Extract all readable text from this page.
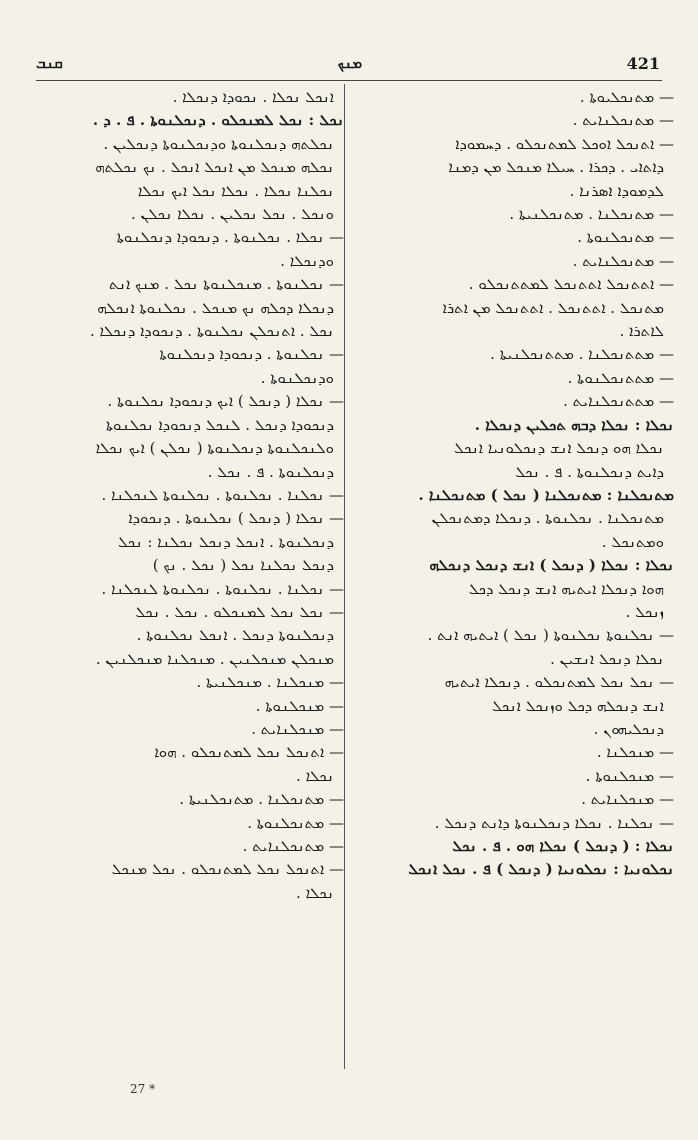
ܩܢܒ	ܡܢܟ	421
— ܡܬܢܟܠܝܘܬܐ .
— ܡܬܢܟܠܢܐܝܬ .
— ܐܬܢܟܠ ܐܘܟܠ ܠܡܬܢܟܠܘ . ܕܚܡܘܕܐ
ܕܐܬܐܝ . ܕܟܪܐ . ܚܝܠܐ ܡܢܟܠ ܡܢ ܕܡܢܐ
ܠܕܡܘܕܐ ܐܣܪܢܐ .
— ܡܬܢܟܠܢܐ . ܡܬܢܟܠܢܝܬܐ .
— ܡܬܢܟܠܢܘܬܐ .
— ܡܬܢܟܠܢܐܝܬ .
— ܐܬܬܢܟܠ ܐܬܬܢܟܠ ܠܡܬܬܢܟܠܘ .
ܡܬܢܟܠ . ܐܬܬܢܟܠ . ܐܬܬܢܟܠ ܡܢ ܐܬܪܐ
ܠܐܬܪܐ .
— ܡܬܬܢܟܠܢܐ . ܡܬܬܢܟܠܢܝܬܐ .
— ܡܬܬܢܟܠܢܘܬܐ .
— ܡܬܬܢܟܠܢܐܝܬ .
ܢܟܠܐ : ܢܟܠܐ ܕܒܗ ܬܟܠܝܢ ܕܢܟܠܐ .
ܢܟܠܐ ܗܘ ܕܢܟܠ ܐܢܫ ܕܢܟܠܘܢܝܐ ܐܢܟܠ
ܕܐܝܬ ܕܢܟܠܢܘܬܐ . ܦ . ܢܟܠ
ܡܬܢܟܠܢܐ : ܡܬܢܟܠܢܐ ( ܢܟܠ ) ܡܬܢܟܠܢܐ .
ܡܬܢܟܠܢܐ . ܢܟܠܢܘܬܐ . ܕܢܟܠܐ ܕܡܬܢܟܠܢ
ܘܡܬܢܟܠ .
ܢܟܠܐ : ܢܟܠܐ ( ܕܢܟܠ ) ܐܢܫ ܕܢܟܠ ܕܢܟܠܗ
ܗܘܐ ܕܢܟܠܐ ܐܝܬܝܗ ܐܢܫ ܕܢܟܠ ܕܟܠ
ܙܢܟܠ .
— ܢܟܠܢܘܬܐ ܢܟܠܢܘܬܐ ( ܢܟܠ ) ܐܝܬܝܗ ܐܢܬ .
ܢܟܠܐ ܕܢܟܠ ܐܢܫܝܢ .
— ܢܟܠ ܢܟܠ ܠܡܬܢܟܠܘ . ܕܢܟܠܐ ܐܝܬܝܗ
ܐܢܫ ܕܢܟܠܗ ܕܟܠ ܘܙܢܟܠ ܐܢܟܠ
ܕܢܟܠܝܗܘܢ .
— ܡܢܟܠܢܐ .
— ܡܢܟܠܢܘܬܐ .
— ܡܢܟܠܢܐܝܬ .
— ܢܟܠܢܐ . ܢܟܠܐ ܕܢܟܠܢܘܬܐ ܕܐܢܬ ܕܢܟܠ .
ܢܟܠܐ : ( ܕܢܟܠ ) ܢܟܠܐ ܗܘ . ܦ . ܢܟܠ
ܢܟܠܘܢܝܐ : ܢܟܠܘܢܝܐ ( ܕܢܟܠ ) ܦ . ܢܟܠ ܐܢܟܠ
ܐܢܟܠ ܢܟܠܐ . ܢܟܘܕܐ ܕܢܟܠܐ .
ܢܟܠ : ܢܟܠ ܠܡܢܟܠܘ . ܕܢܟܠܢܘܬܐ . ܦ . ܕ .
ܢܟܠܬܗ ܕܢܟܠܢܘܬܐ ܘܕܢܟܠܢܘܬܐ ܕܢܟܠܝܢ .
ܢܟܠܗ ܡܢܟܠ ܡܢ ܐܢܟܠ ܐܢܟܠ . ܢܟ ܢܟܠܬܗ
ܢܟܠܢܐ ܢܟܠܐ . ܢܟܠܐ ܢܟܠ ܐܝܟ ܢܟܠܐ
ܘܢܟܠ . ܢܟܠ ܢܟܠܝܢ . ܢܟܠܐ ܢܟܠܢ .
— ܢܟܠܐ . ܢܟܠܢܘܬܐ . ܕܢܟܘܕܐ ܕܢܟܠܢܘܬܐ
ܘܕܢܟܠܐ .
— ܢܟܠܢܘܬܐ . ܡܢܟܠܢܘܬܐ ܢܟܠ . ܡܢܟ ܐܢܬ
ܕܢܟܠܐ ܕܟܠܗ ܢܟ ܡܢܟܠ . ܢܟܠܢܘܬܐ ܐܢܟܠܗ
ܢܟܠ . ܐܬܢܟܠܢ ܢܟܠܢܘܬܐ . ܕܢܟܘܕܐ ܕܢܟܠܐ .
— ܢܟܠܢܘܬܐ . ܕܢܟܘܕܐ ܕܢܟܠܢܘܬܐ
ܘܕܢܟܠܢܘܬܐ .
— ܢܟܠܐ ( ܕܢܟܠ ) ܐܝܟ ܕܢܟܘܕܐ ܢܟܠܢܘܬܐ .
ܕܢܟܘܕܐ ܕܢܟܠ . ܠܢܟܠ ܕܢܟܘܕܐ ܢܟܠܢܘܬܐ
ܘܠܢܟܠܢܘܬܐ ܕܢܟܠܢܘܬܐ ( ܢܟܠܢ ) ܐܝܟ ܢܟܠܐ
ܕܢܟܠܢܘܬܐ . ܦ . ܢܟܠ .
— ܢܟܠܢܐ . ܢܟܠܢܘܬܐ . ܢܟܠܢܘܬܐ ܠܢܟܠܢܐ .
— ܢܟܠܐ ( ܕܢܟܠ ) ܢܟܠܢܘܬܐ . ܕܢܟܘܕܐ
ܕܢܟܠܢܘܬܐ . ܐܢܟܠ ܕܢܟܠ ܢܟܠܢܐ : ܢܟܠ
ܕܢܟܠ ܢܟܠܢܐ ܢܟܠ ( ܢܟܠ . ܢܟ )
— ܢܟܠܢܐ . ܢܟܠܢܘܬܐ . ܢܟܠܢܘܬܐ ܠܢܟܠܢܐ .
— ܢܟܠ ܢܟܠ ܠܡܢܟܠܘ . ܢܟܠ . ܢܟܠ
ܕܢܟܠܢܘܬܐ ܕܢܟܠ . ܐܢܟܠ ܢܟܠܢܘܬܐ .
ܡܢܟܠܢ ܡܢܟܠܢܝܢ . ܡܢܟܠܢܐ ܡܢܟܠܢܝܢ .
— ܡܢܟܠܢܐ . ܡܢܟܠܢܝܬܐ .
— ܡܢܟܠܢܘܬܐ .
— ܡܢܟܠܢܐܝܬ .
— ܐܬܢܟܠ ܢܟܠ ܠܡܬܢܟܠܘ . ܗܘܐ
ܢܟܠܐ .
— ܡܬܢܟܠܢܐ . ܡܬܢܟܠܢܝܬܐ .
— ܡܬܢܟܠܢܘܬܐ .
— ܡܬܢܟܠܢܐܝܬ .
— ܐܬܢܟܠ ܢܟܠ ܠܡܬܢܟܠܘ . ܢܟܠ ܡܢܟܠ
ܢܟܠܐ .
27 *
